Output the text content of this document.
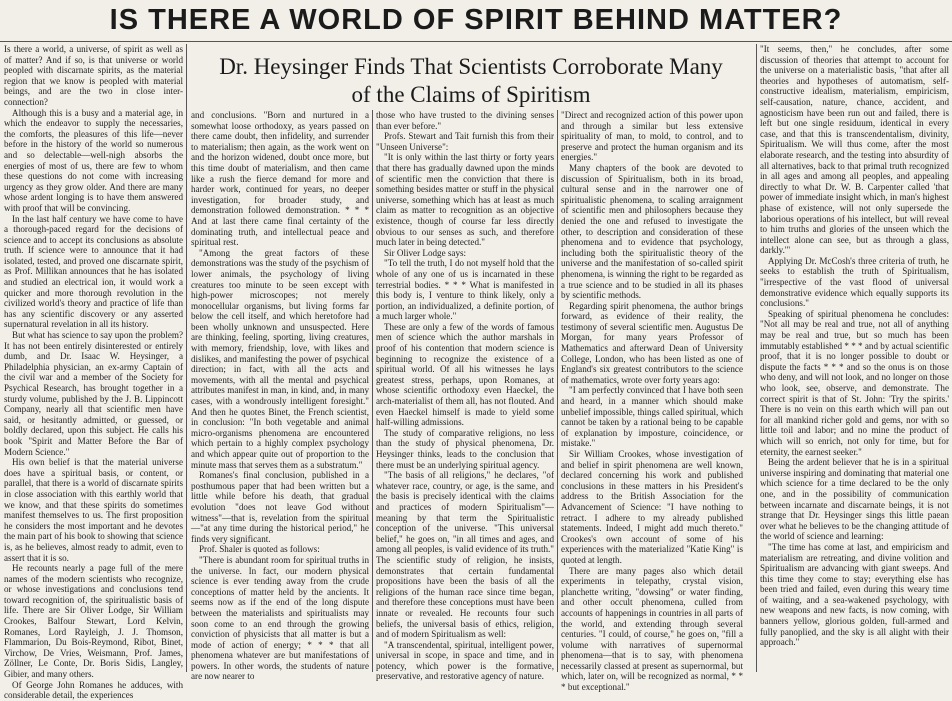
IS THERE A WORLD OF SPIRIT BEHIND MATTER?
Dr. Heysinger Finds That Scientists Corroborate Many
of the Claims of Spiritism

Is there a world, a universe, of spirit as well as of matter? And if so, is that universe or world peopled with discarnate spirits, as the material region that we know is peopled with material beings, and are the two in close inter-connection?

Although this is a busy and a material age, in which the endeavor to supply the necessaries, the comforts, the pleasures of this life—never before in the history of the world so numerous and so delectable—well-nigh absorbs the energies of most of us, there are few to whom these questions do not come with increasing urgency as they grow older. And there are many whose ardent longing is to have them answered with proof that will be convincing.

In the last half century we have come to have a thorough-paced regard for the decisions of science and to accept its conclusions as absolute truth. If science were to announce that it had isolated, tested, and proved one discarnate spirit, as Prof. Millikan announces that he has isolated and studied an electrical ion, it would work a quicker and more thorough revolution in the civilized world's theory and practice of life than has any scientific discovery or any asserted supernatural revelation in all its history.

But what has science to say upon the problem? It has not been entirely disinterested or entirely dumb, and Dr. Isaac W. Heysinger, a Philadelphia physician, an ex-army Captain of the civil war and a member of the Society for Psychical Research, has brought together in a sturdy volume, published by the J. B. Lippincott Company, nearly all that scientific men have said, or hesitantly admitted, or guessed, or boldly declared, upon this subject. He calls his book "Spirit and Matter Before the Bar of Modern Science."

His own belief is that the material universe does have a spiritual basis, or content, or parallel, that there is a world of discarnate spirits in close association with this earthly world that we know, and that these spirits do sometimes manifest themselves to us. The first proposition he considers the most important and he devotes the main part of his book to showing that science is, as he believes, almost ready to admit, even to assert that it is so.

He recounts nearly a page full of the mere names of the modern scientists who recognize, or whose investigations and conclusions tend toward recognition of, the spiritualistic basis of life. There are Sir Oliver Lodge, Sir William Crookes, Balfour Stewart, Lord Kelvin, Romanes, Lord Rayleigh, J. J. Thomson, Flammarion, Du Bois-Reymond, Ribot, Binet, Virchow, De Vries, Weismann, Prof. James, Zöllner, Le Conte, Dr. Boris Sidis, Langley, Gibier, and many others.

Of George John Romanes he adduces, with considerable detail, the experiences

and conclusions. "Born and nurtured in a somewhat loose orthodoxy, as years passed on there came doubt, then infidelity, and surrender to materialism; then again, as the work went on and the horizon widened, doubt once more, but this time doubt of materialism, and then came like a rush the fierce demand for more and harder work, continued for years, no deeper investigation, for broader study, and demonstration followed demonstration. * * * And at last there came final certainty of the dominating truth, and intellectual peace and spiritual rest.

"Among the great factors of these demonstrations was the study of the psychism of lower animals, the psychology of living creatures too minute to be seen except with high-power microscopes; not merely monocellular organisms, but living forms far below the cell itself, and which heretofore had been wholly unknown and unsuspected. Here are thinking, feeling, sporting, living creatures, with memory, friendship, love, with likes and dislikes, and manifesting the power of psychical direction; in fact, with all the acts and movements, with all the mental and psychical attributes manifest in man, in kind, and, in many cases, with a wondrously intelligent foresight." And then he quotes Binet, the French scientist, in conclusion: "In both vegetable and animal micro-organisms phenomena are encountered which pertain to a highly complex psychology and which appear quite out of proportion to the minute mass that serves them as a substratum."

Romanes's final conclusion, published in a posthumous paper that had been written but a little while before his death, that gradual evolution "does not leave God without witness"—that is, revelation from the spiritual—"at any time during the historical period," he finds very significant.

Prof. Shaler is quoted as follows:

"There is abundant room for spiritual truths in the universe. In fact, our modern physical science is ever tending away from the crude conceptions of matter held by the ancients. It seems now as if the end of the long dispute between the materialists and spiritualists may soon come to an end through the growing conviction of physicists that all matter is but a mode of action of energy; * * * that all phenomena whatever are but manifestations of powers. In other words, the students of nature are now nearer to

those who have trusted to the divining senses than ever before."

Profs. Stewart and Tait furnish this from their "Unseen Universe":

"It is only within the last thirty or forty years that there has gradually dawned upon the minds of scientific men the conviction that there is something besides matter or stuff in the physical universe, something which has at least as much claim as matter to recognition as an objective existence, though of course far less directly obvious to our senses as such, and therefore much later in being detected."

Sir Oliver Lodge says:

"To tell the truth, I do not myself hold that the whole of any one of us is incarnated in these terrestrial bodies. * * * What is manifested in this body is, I venture to think likely, only a portion, an individualized, a definite portion, of a much larger whole."

These are only a few of the words of famous men of science which the author marshals in proof of his contention that modern science is beginning to recognize the existence of a spiritual world. Of all his witnesses he lays greatest stress, perhaps, upon Romanes, at whose scientific orthodoxy even Haeckel, the arch-materialist of them all, has not flouted. And even Haeckel himself is made to yield some half-willing admissions.

The study of comparative religions, no less than the study of physical phenomena, Dr. Heysinger thinks, leads to the conclusion that there must be an underlying spiritual agency.

"The basis of all religions," he declares, "of whatever race, country, or age, is the same, and the basis is precisely identical with the claims and practices of modern Spiritualism"—meaning by that term the Spiritualistic conception of the universe. "This universal belief," he goes on, "in all times and ages, and among all peoples, is valid evidence of its truth." The scientific study of religion, he insists, demonstrates that certain fundamental propositions have been the basis of all the religions of the human race since time began, and therefore these conceptions must have been innate or revealed. He recounts four such beliefs, the universal basis of ethics, religion, and of modern Spiritualism as well:

"A transcendental, spiritual, intelligent power, universal in scope, in space and time, and in potency, which power is the formative, preservative, and restorative agency of nature.

"Direct and recognized action of this power upon and through a similar but less extensive spirituality of man, to mold, to control, and to preserve and protect the human organism and its energies."

Many chapters of the book are devoted to discussion of Spiritualism, both in its broad, cultural sense and in the narrower one of spiritualistic phenomena, to scaling arraignment of scientific men and philosophers because they denied the one and refused to investigate the other, to description and consideration of these phenomena and to evidence that psychology, including both the spiritualistic theory of the universe and the manifestation of so-called spirit phenomena, is winning the right to be regarded as a true science and to be studied in all its phases by scientific methods.

Regarding spirit phenomena, the author brings forward, as evidence of their reality, the testimony of several scientific men. Augustus De Morgan, for many years Professor of Mathematics and afterward Dean of University College, London, who has been listed as one of England's six greatest contributors to the science of mathematics, wrote over forty years ago:

"I am perfectly convinced that I have both seen and heard, in a manner which should make unbelief impossible, things called spiritual, which cannot be taken by a rational being to be capable of explanation by imposture, coincidence, or mistake."

Sir William Crookes, whose investigation of and belief in spirit phenomena are well known, declared concerning his work and published conclusions in these matters in his President's address to the British Association for the Advancement of Science: "I have nothing to retract. I adhere to my already published statements. Indeed, I might add much thereto." Crookes's own account of some of his experiences with the materialized "Katie King" is quoted at length.

There are many pages also which detail experiments in telepathy, crystal vision, planchette writing, "dowsing" or water finding, and other occult phenomena, culled from accounts of happenings in countries in all parts of the world, and extending through several centuries. "I could, of course," he goes on, "fill a volume with narratives of supernormal phenomena—that is to say, with phenomena necessarily classed at present as supernormal, but which, later on, will be recognized as normal, * * * but exceptional."

"It seems, then," he concludes, after some discussion of theories that attempt to account for the universe on a materialistic basis, "that after all theories and hypotheses of automatism, self-constructive idealism, materialism, empiricism, self-causation, nature, chance, accident, and agnosticism have been run out and failed, there is left but one single residuum, identical in every case, and that this is transcendentalism, divinity, Spiritualism. We will thus come, after the most elaborate research, and the testing into absurdity of all alternatives, back to that primal truth recognized in all ages and among all peoples, and appealing directly to what Dr. W. B. Carpenter called 'that power of immediate insight which, in man's highest phase of existence, will not only supersede the laborious operations of his intellect, but will reveal to him truths and glories of the unseen which the intellect alone can see, but as through a glass, darkly.'"

Applying Dr. McCosh's three criteria of truth, he seeks to establish the truth of Spiritualism, "irrespective of the vast flood of universal demonstrative evidence which equally supports its conclusions."

Speaking of spiritual phenomena he concludes: "Not all may be real and true, not all of anything may be real and true, but so much has been immutably established * * * and by actual scientific proof, that it is no longer possible to doubt or dispute the facts * * * and so the onus is on those who deny, and will not look, and no longer on those who look, see, observe, and demonstrate. The correct spirit is that of St. John: 'Try the spirits.' There is no vein on this earth which will pan out for all mankind richer gold and gems, nor with so little toil and labor; and no mine the product of which will so enrich, not only for time, but for eternity, the earnest seeker."

Being the ardent believer that he is in a spiritual universe inspiring and dominating that material one which science for a time declared to be the only one, and in the possibility of communication between incarnate and discarnate beings, it is not strange that Dr. Heysinger sings this little paean over what he believes to be the changing attitude of the world of science and learning:

"The time has come at last, and empiricism and materialism are retreating, and divine volition and Spiritualism are advancing with giant sweeps. And this time they come to stay; everything else has been tried and failed, even during this weary time of waiting, and a sea-wakened psychology, with new weapons and new facts, is now coming, with banners yellow, glorious golden, full-armed and fully panoplied, and the sky is all alight with their approach."
